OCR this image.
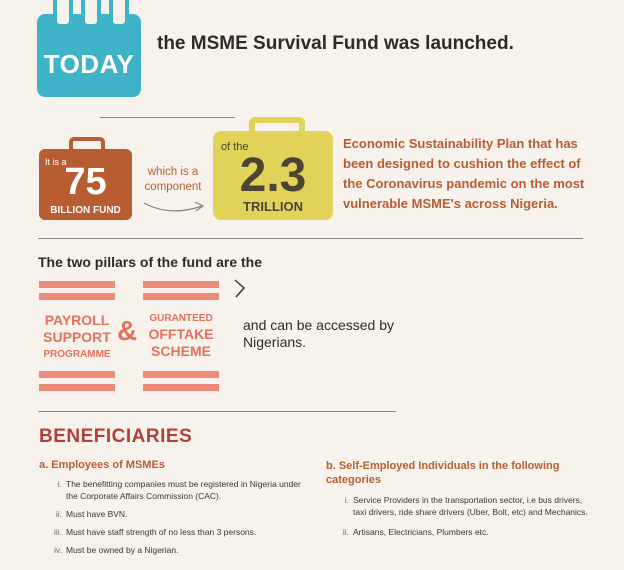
TODAY
the MSME Survival Fund was launched.
It is a
75
BILLION FUND
which is a
component
of the
2.3
TRILLION
Economic Sustainability Plan that has been designed to cushion the effect of the Coronavirus pandemic on the most vulnerable MSME's across Nigeria.
The two pillars of the fund are the
PAYROLL
SUPPORT
PROGRAMME
&	GURANTEED
OFFTAKE
SCHEME
and can be accessed by Nigerians.
BENEFICIARIES
a. Employees of MSMEs
i. The benefitting companies must be registered in Nigeria under the Corporate Affairs Commission (CAC).
ii. Must have BVN.
iii. Must have staff strength of no less than 3 persons.
iv. Must be owned by a Nigerian.
b. Self-Employed Individuals in the following categories
i. Service Providers in the transportation sector, i.e bus drivers, taxi drivers, ride share drivers (Uber, Bolt, etc) and Mechanics.
ii. Artisans, Electricians, Plumbers etc.
